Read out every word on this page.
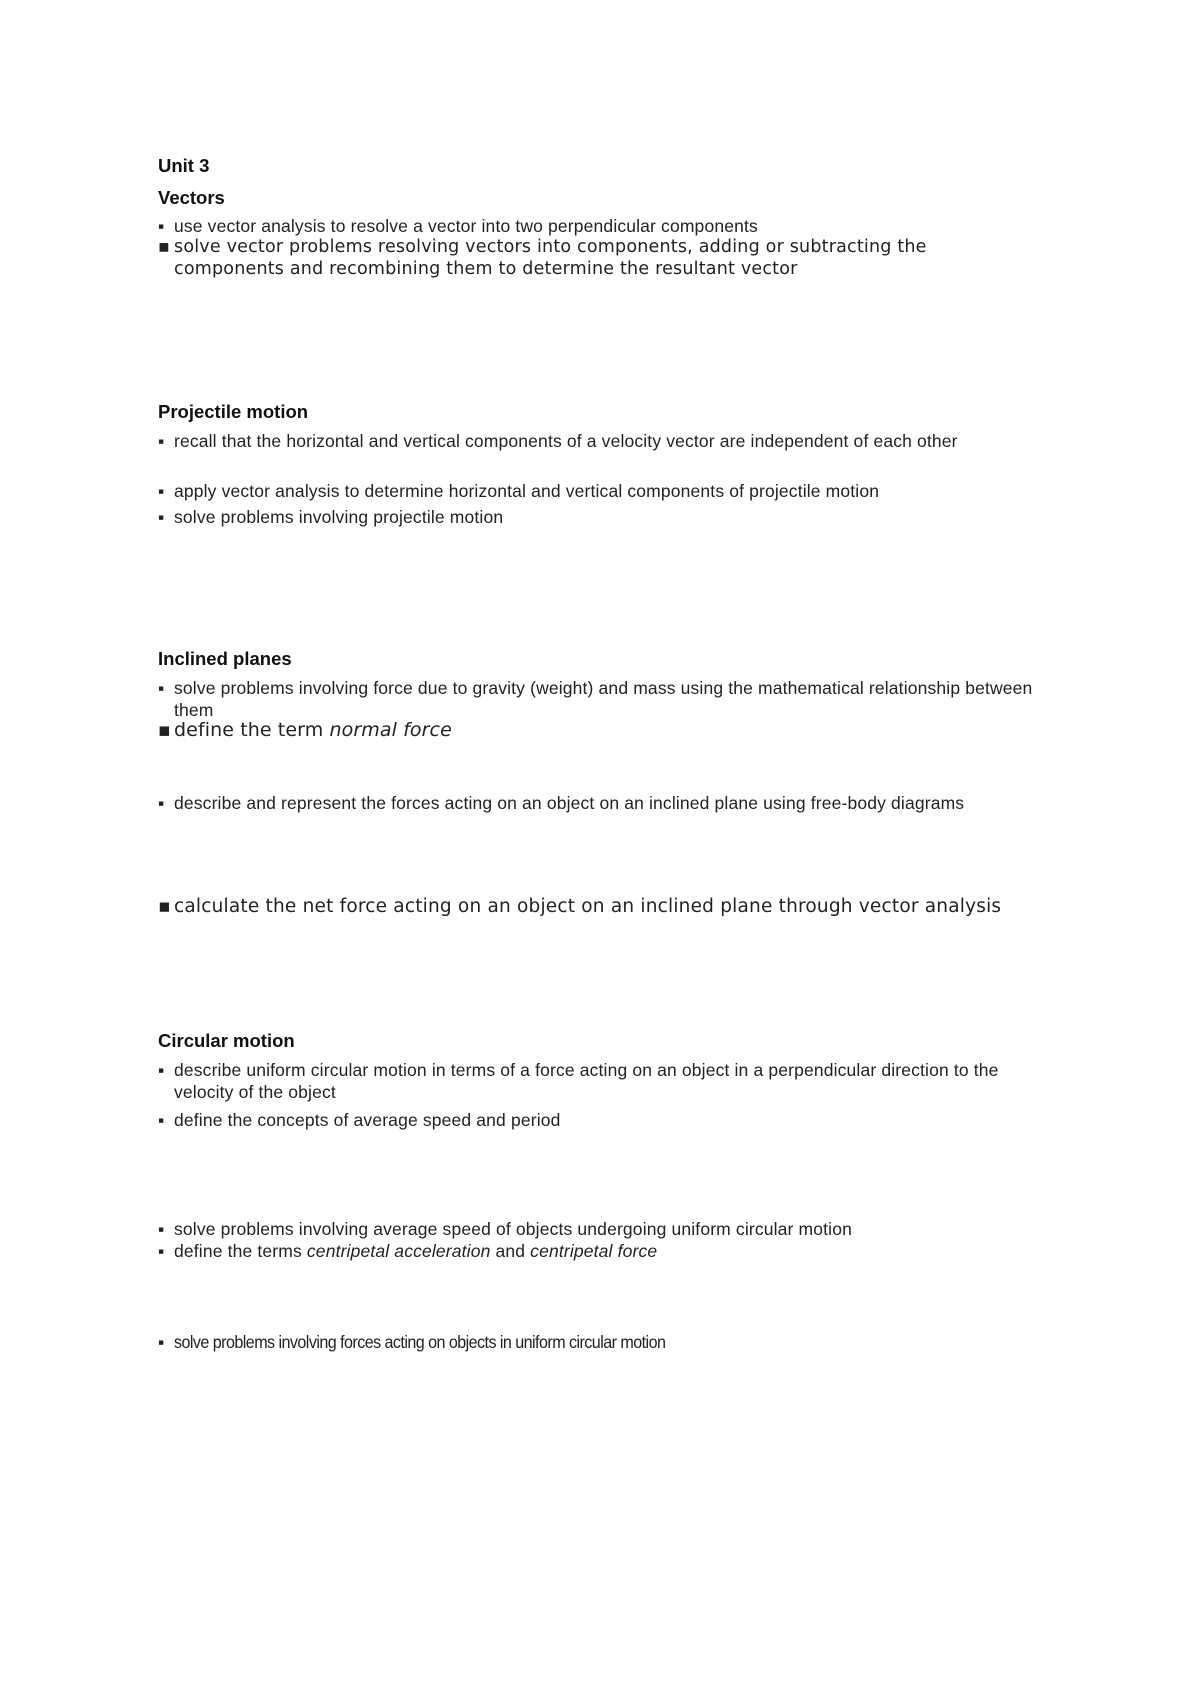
Unit 3
Vectors
▪ use vector analysis to resolve a vector into two perpendicular components
▪ solve vector problems resolving vectors into components, adding or subtracting the components and recombining them to determine the resultant vector
Projectile motion
▪ recall that the horizontal and vertical components of a velocity vector are independent of each other
▪ apply vector analysis to determine horizontal and vertical components of projectile motion
▪ solve problems involving projectile motion
Inclined planes
▪ solve problems involving force due to gravity (weight) and mass using the mathematical relationship between them
▪ define the term normal force
▪ describe and represent the forces acting on an object on an inclined plane using free-body diagrams
▪ calculate the net force acting on an object on an inclined plane through vector analysis
Circular motion
▪ describe uniform circular motion in terms of a force acting on an object in a perpendicular direction to the velocity of the object
▪ define the concepts of average speed and period
▪ solve problems involving average speed of objects undergoing uniform circular motion
▪ define the terms centripetal acceleration and centripetal force
▪ solve problems involving forces acting on objects in uniform circular motion
